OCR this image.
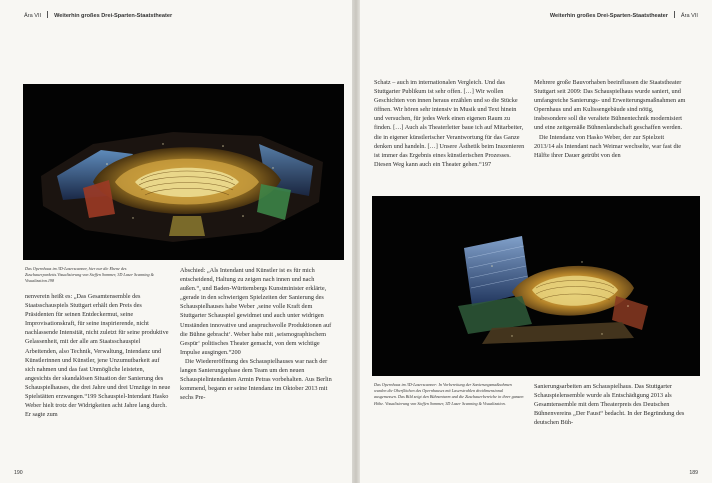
Ära VII Weiterhin großes Drei-Sparten-Staatstheater
Das Opernhaus im 3D-Laserscanner, hier nur die Ebene des Zuschauerparketts.Visualisierung von Steffen Sommer, 3D Laser Scanning & Visualization.198

nenverein heißt es: „Das Gesamtensemble des Staatsschauspiels Stuttgart erhält den Preis des Präsidenten für seinen Entdeckermut, seine Improvisationskraft, für seine inspirierende, nicht nachlassende Intensität, nicht zuletzt für seine produktive Gelassenheit, mit der alle am Staatsschauspiel Arbeitenden, also Technik, Verwaltung, Intendanz und Künstlerinnen und Künstler, jene Unzumutbarkeit auf sich nahmen und das fast Unmögliche leisteten, angesichts der skandalösen Situation der Sanierung des Schauspielhauses, die drei Jahre und drei Umzüge in neue Spielstätten erzwangen.“199 Schauspiel-Intendant Hasko Weber hielt trotz der Widrigkeiten acht Jahre lang durch. Er sagte zum

Abschied: „Als Intendant und Künstler ist es für mich entscheidend, Haltung zu zeigen nach innen und nach außen.“, und Baden-Württembergs Kunstminister erklärte, „gerade in den schwierigen Spielzeiten der Sanierung des Schauspielhauses habe Weber ‚seine volle Kraft dem Stuttgarter Schauspiel gewidmet und auch unter widrigen Umständen innovative und anspruchsvolle Produktionen auf die Bühne gebracht‘. Weber habe mit ‚seismographischem Gespür‘ politisches Theater gemacht, von dem wichtige Impulse ausgingen.“200

Die Wiedereröffnung des Schauspielhauses war nach der langen Sanierungsphase dem Team um den neuen Schauspielintendanten Armin Petras vorbehalten. Aus Berlin kommend, begann er seine Intendanz im Oktober 2013 mit sechs Pre-

190
Weiterhin großes Drei-Sparten-Staatstheater Ära VII

Schatz – auch im internationalen Vergleich. Und das Stuttgarter Publikum ist sehr offen. […] Wir wollen Geschichten von innen heraus erzählen und so die Stücke öffnen. Wir hören sehr intensiv in Musik und Text hinein und versuchen, für jedes Werk einen eigenen Raum zu finden. […] Auch als Theaterleiter baue ich auf Mitarbeiter, die in eigener künstlerischer Verantwortung für das Ganze denken und handeln. […] Unsere Ästhetik beim Inszenieren ist immer das Ergebnis eines künstlerischen Prozesses. Diesen Weg kann auch ein Theater gehen.“197

Mehrere große Bauvorhaben beeinflussen die Staatstheater Stuttgart seit 2009: Das Schauspielhaus wurde saniert, und umfangreiche Sanierungs- und Erweiterungsmaßnahmen am Opernhaus und am Kulissengebäude sind nötig, insbesondere soll die veraltete Bühnentechnik modernisiert und eine zeitgemäße Bühnenlandschaft geschaffen werden.

Die Intendanz von Hasko Weber, der zur Spielzeit 2013/14 als Intendant nach Weimar wechselte, war fast die Hälfte ihrer Dauer getrübt von den

Das Opernhaus im 3D-Laserscanner: In Vorbereitung der Sanierungsmaßnahmen wurden die Oberflächen des Opernhauses mit Laserstrahlen dreidimensional ausgemessen. Das Bild zeigt den Bühnenturm und die Zuschauerbereiche in ihrer ganzen Höhe. Visualisierung von Steffen Sommer, 3D Laser Scanning & Visualization.

Sanierungsarbeiten am Schauspielhaus. Das Stuttgarter Schauspielensemble wurde als Entschädigung 2013 als Gesamtensemble mit dem Theaterpreis des Deutschen Bühnenvereins „Der Faust“ bedacht. In der Begründung des deutschen Büh-

189
